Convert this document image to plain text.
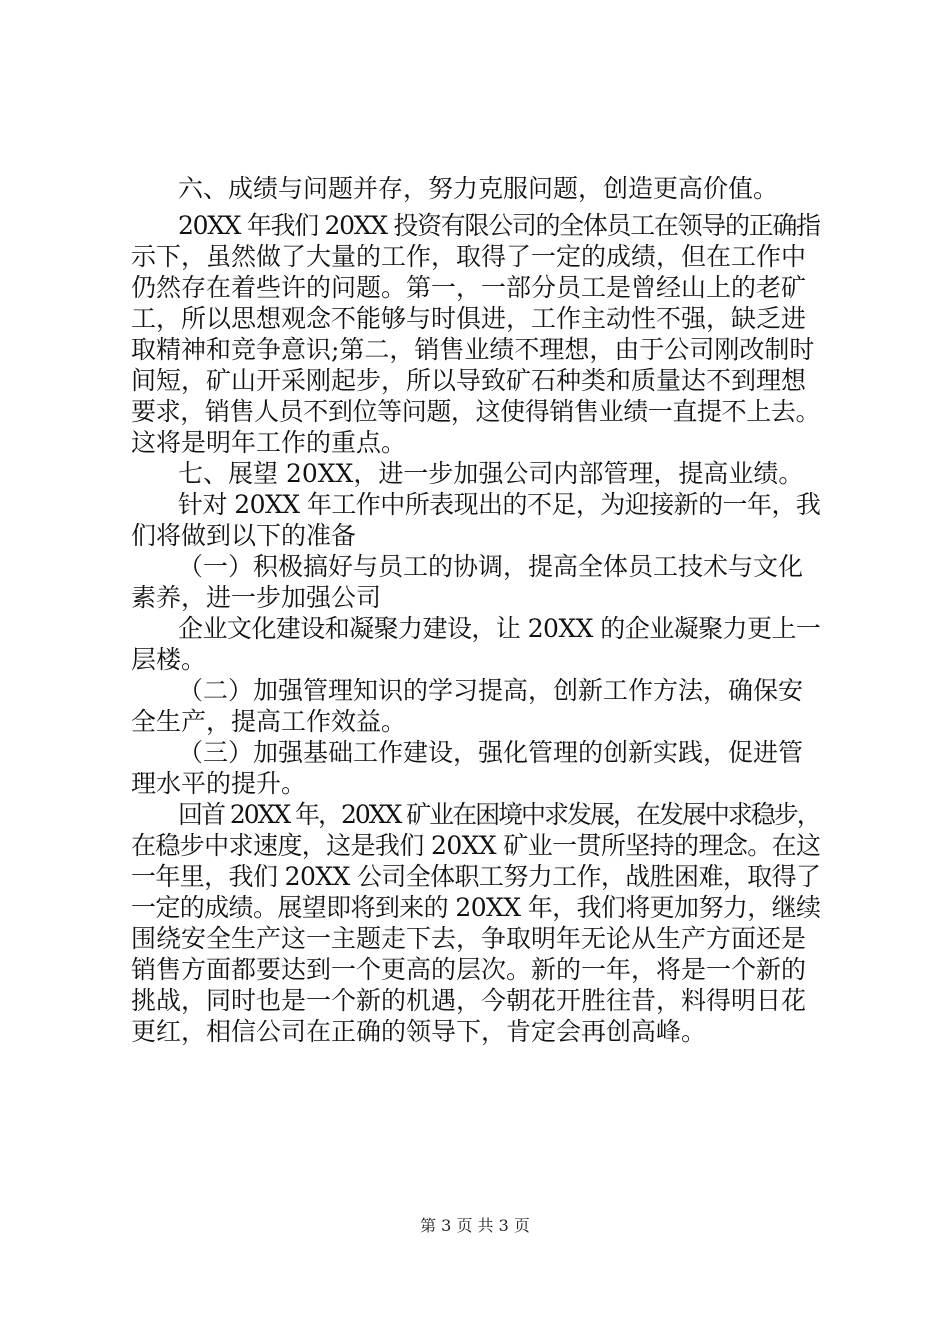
六、成绩与问题并存，努力克服问题，创造更高价值。
20XX 年我们 20XX 投资有限公司的全体员工在领导的正确指
示下，虽然做了大量的工作，取得了一定的成绩，但在工作中
仍然存在着些许的问题。第一，一部分员工是曾经山上的老矿
工，所以思想观念不能够与时俱进，工作主动性不强，缺乏进
取精神和竞争意识;第二，销售业绩不理想，由于公司刚改制时
间短，矿山开采刚起步，所以导致矿石种类和质量达不到理想
要求，销售人员不到位等问题，这使得销售业绩一直提不上去。
这将是明年工作的重点。
七、展望 20XX，进一步加强公司内部管理，提高业绩。
针对 20XX 年工作中所表现出的不足，为迎接新的一年，我
们将做到以下的准备
（一）积极搞好与员工的协调，提高全体员工技术与文化
素养，进一步加强公司
企业文化建设和凝聚力建设，让 20XX 的企业凝聚力更上一
层楼。
（二）加强管理知识的学习提高，创新工作方法，确保安
全生产，提高工作效益。
（三）加强基础工作建设，强化管理的创新实践，促进管
理水平的提升。
回首 20XX 年，20XX 矿业在困境中求发展，在发展中求稳步，
在稳步中求速度，这是我们 20XX 矿业一贯所坚持的理念。在这
一年里，我们 20XX 公司全体职工努力工作，战胜困难，取得了
一定的成绩。展望即将到来的 20XX 年，我们将更加努力，继续
围绕安全生产这一主题走下去，争取明年无论从生产方面还是
销售方面都要达到一个更高的层次。新的一年，将是一个新的
挑战，同时也是一个新的机遇，今朝花开胜往昔，料得明日花
更红，相信公司在正确的领导下，肯定会再创高峰。
第 3 页 共 3 页
